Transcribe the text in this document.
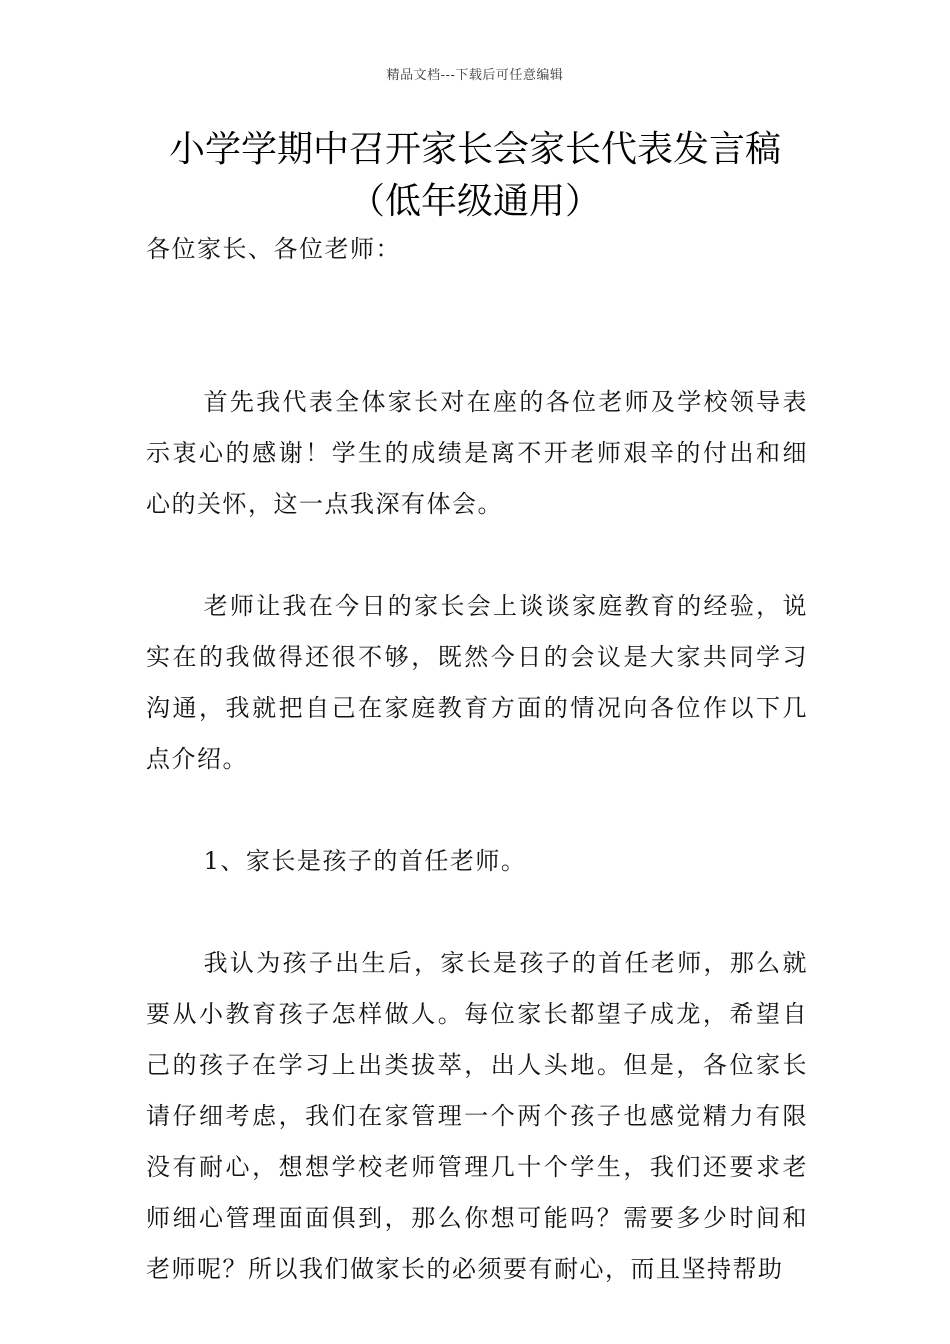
精品文档---下载后可任意编辑
小学学期中召开家长会家长代表发言稿
（低年级通用）

各位家长、各位老师：

首先我代表全体家长对在座的各位老师及学校领导表示衷心的感谢！学生的成绩是离不开老师艰辛的付出和细心的关怀，这一点我深有体会。

老师让我在今日的家长会上谈谈家庭教育的经验，说实在的我做得还很不够，既然今日的会议是大家共同学习沟通，我就把自己在家庭教育方面的情况向各位作以下几点介绍。

1、家长是孩子的首任老师。

我认为孩子出生后，家长是孩子的首任老师，那么就要从小教育孩子怎样做人。每位家长都望子成龙，希望自己的孩子在学习上出类拔萃，出人头地。但是，各位家长请仔细考虑，我们在家管理一个两个孩子也感觉精力有限没有耐心，想想学校老师管理几十个学生，我们还要求老师细心管理面面俱到，那么你想可能吗？需要多少时间和老师呢？所以我们做家长的必须要有耐心，而且坚持帮助
